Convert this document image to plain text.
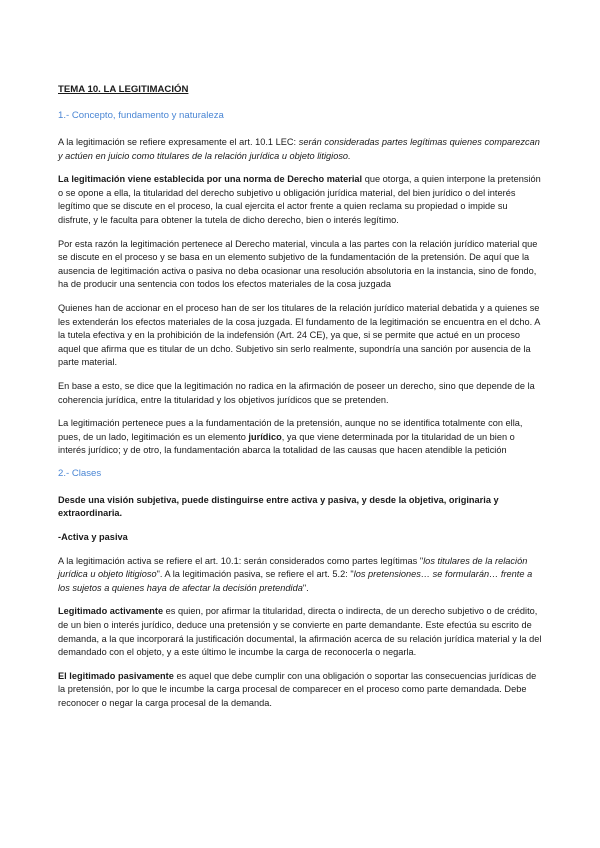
TEMA 10. LA LEGITIMACIÓN
1.- Concepto, fundamento y naturaleza

A la legitimación se refiere expresamente el art. 10.1 LEC: serán consideradas partes legítimas quienes comparezcan y actúen en juicio como titulares de la relación jurídica u objeto litigioso.

La legitimación viene establecida por una norma de Derecho material que otorga, a quien interpone la pretensión o se opone a ella, la titularidad del derecho subjetivo u obligación jurídica material, del bien jurídico o del interés legítimo que se discute en el proceso, la cual ejercita el actor frente a quien reclama su propiedad o impide su disfrute, y le faculta para obtener la tutela de dicho derecho, bien o interés legítimo.

Por esta razón la legitimación pertenece al Derecho material, vincula a las partes con la relación jurídico material que se discute en el proceso y se basa en un elemento subjetivo de la fundamentación de la pretensión. De aquí que la ausencia de legitimación activa o pasiva no deba ocasionar una resolución absolutoria en la instancia, sino de fondo, ha de producir una sentencia con todos los efectos materiales de la cosa juzgada

Quienes han de accionar en el proceso han de ser los titulares de la relación jurídico material debatida y a quienes se les extenderán los efectos materiales de la cosa juzgada. El fundamento de la legitimación se encuentra en el dcho. A la tutela efectiva y en la prohibición de la indefensión (Art. 24 CE), ya que, si se permite que actué en un proceso aquel que afirma que es titular de un dcho. Subjetivo sin serlo realmente, supondría una sanción por ausencia de la parte material.

En base a esto, se dice que la legitimación no radica en la afirmación de poseer un derecho, sino que depende de la coherencia jurídica, entre la titularidad y los objetivos jurídicos que se pretenden.

La legitimación pertenece pues a la fundamentación de la pretensión, aunque no se identifica totalmente con ella, pues, de un lado, legitimación es un elemento jurídico, ya que viene determinada por la titularidad de un bien o interés jurídico; y de otro, la fundamentación abarca la totalidad de las causas que hacen atendible la petición

2.- Clases

Desde una visión subjetiva, puede distinguirse entre activa y pasiva, y desde la objetiva, originaria y extraordinaria.

-Activa y pasiva

A la legitimación activa se refiere el art. 10.1: serán considerados como partes legítimas "los titulares de la relación jurídica u objeto litigioso". A la legitimación pasiva, se refiere el art. 5.2: "los pretensiones… se formularán… frente a los sujetos a quienes haya de afectar la decisión pretendida".

Legitimado activamente es quien, por afirmar la titularidad, directa o indirecta, de un derecho subjetivo o de crédito, de un bien o interés jurídico, deduce una pretensión y se convierte en parte demandante. Este efectúa su escrito de demanda, a la que incorporará la justificación documental, la afirmación acerca de su relación jurídica material y la del demandado con el objeto, y a este último le incumbe la carga de reconocerla o negarla.

El legitimado pasivamente es aquel que debe cumplir con una obligación o soportar las consecuencias jurídicas de la pretensión, por lo que le incumbe la carga procesal de comparecer en el proceso como parte demandada. Debe reconocer o negar la carga procesal de la demanda.
